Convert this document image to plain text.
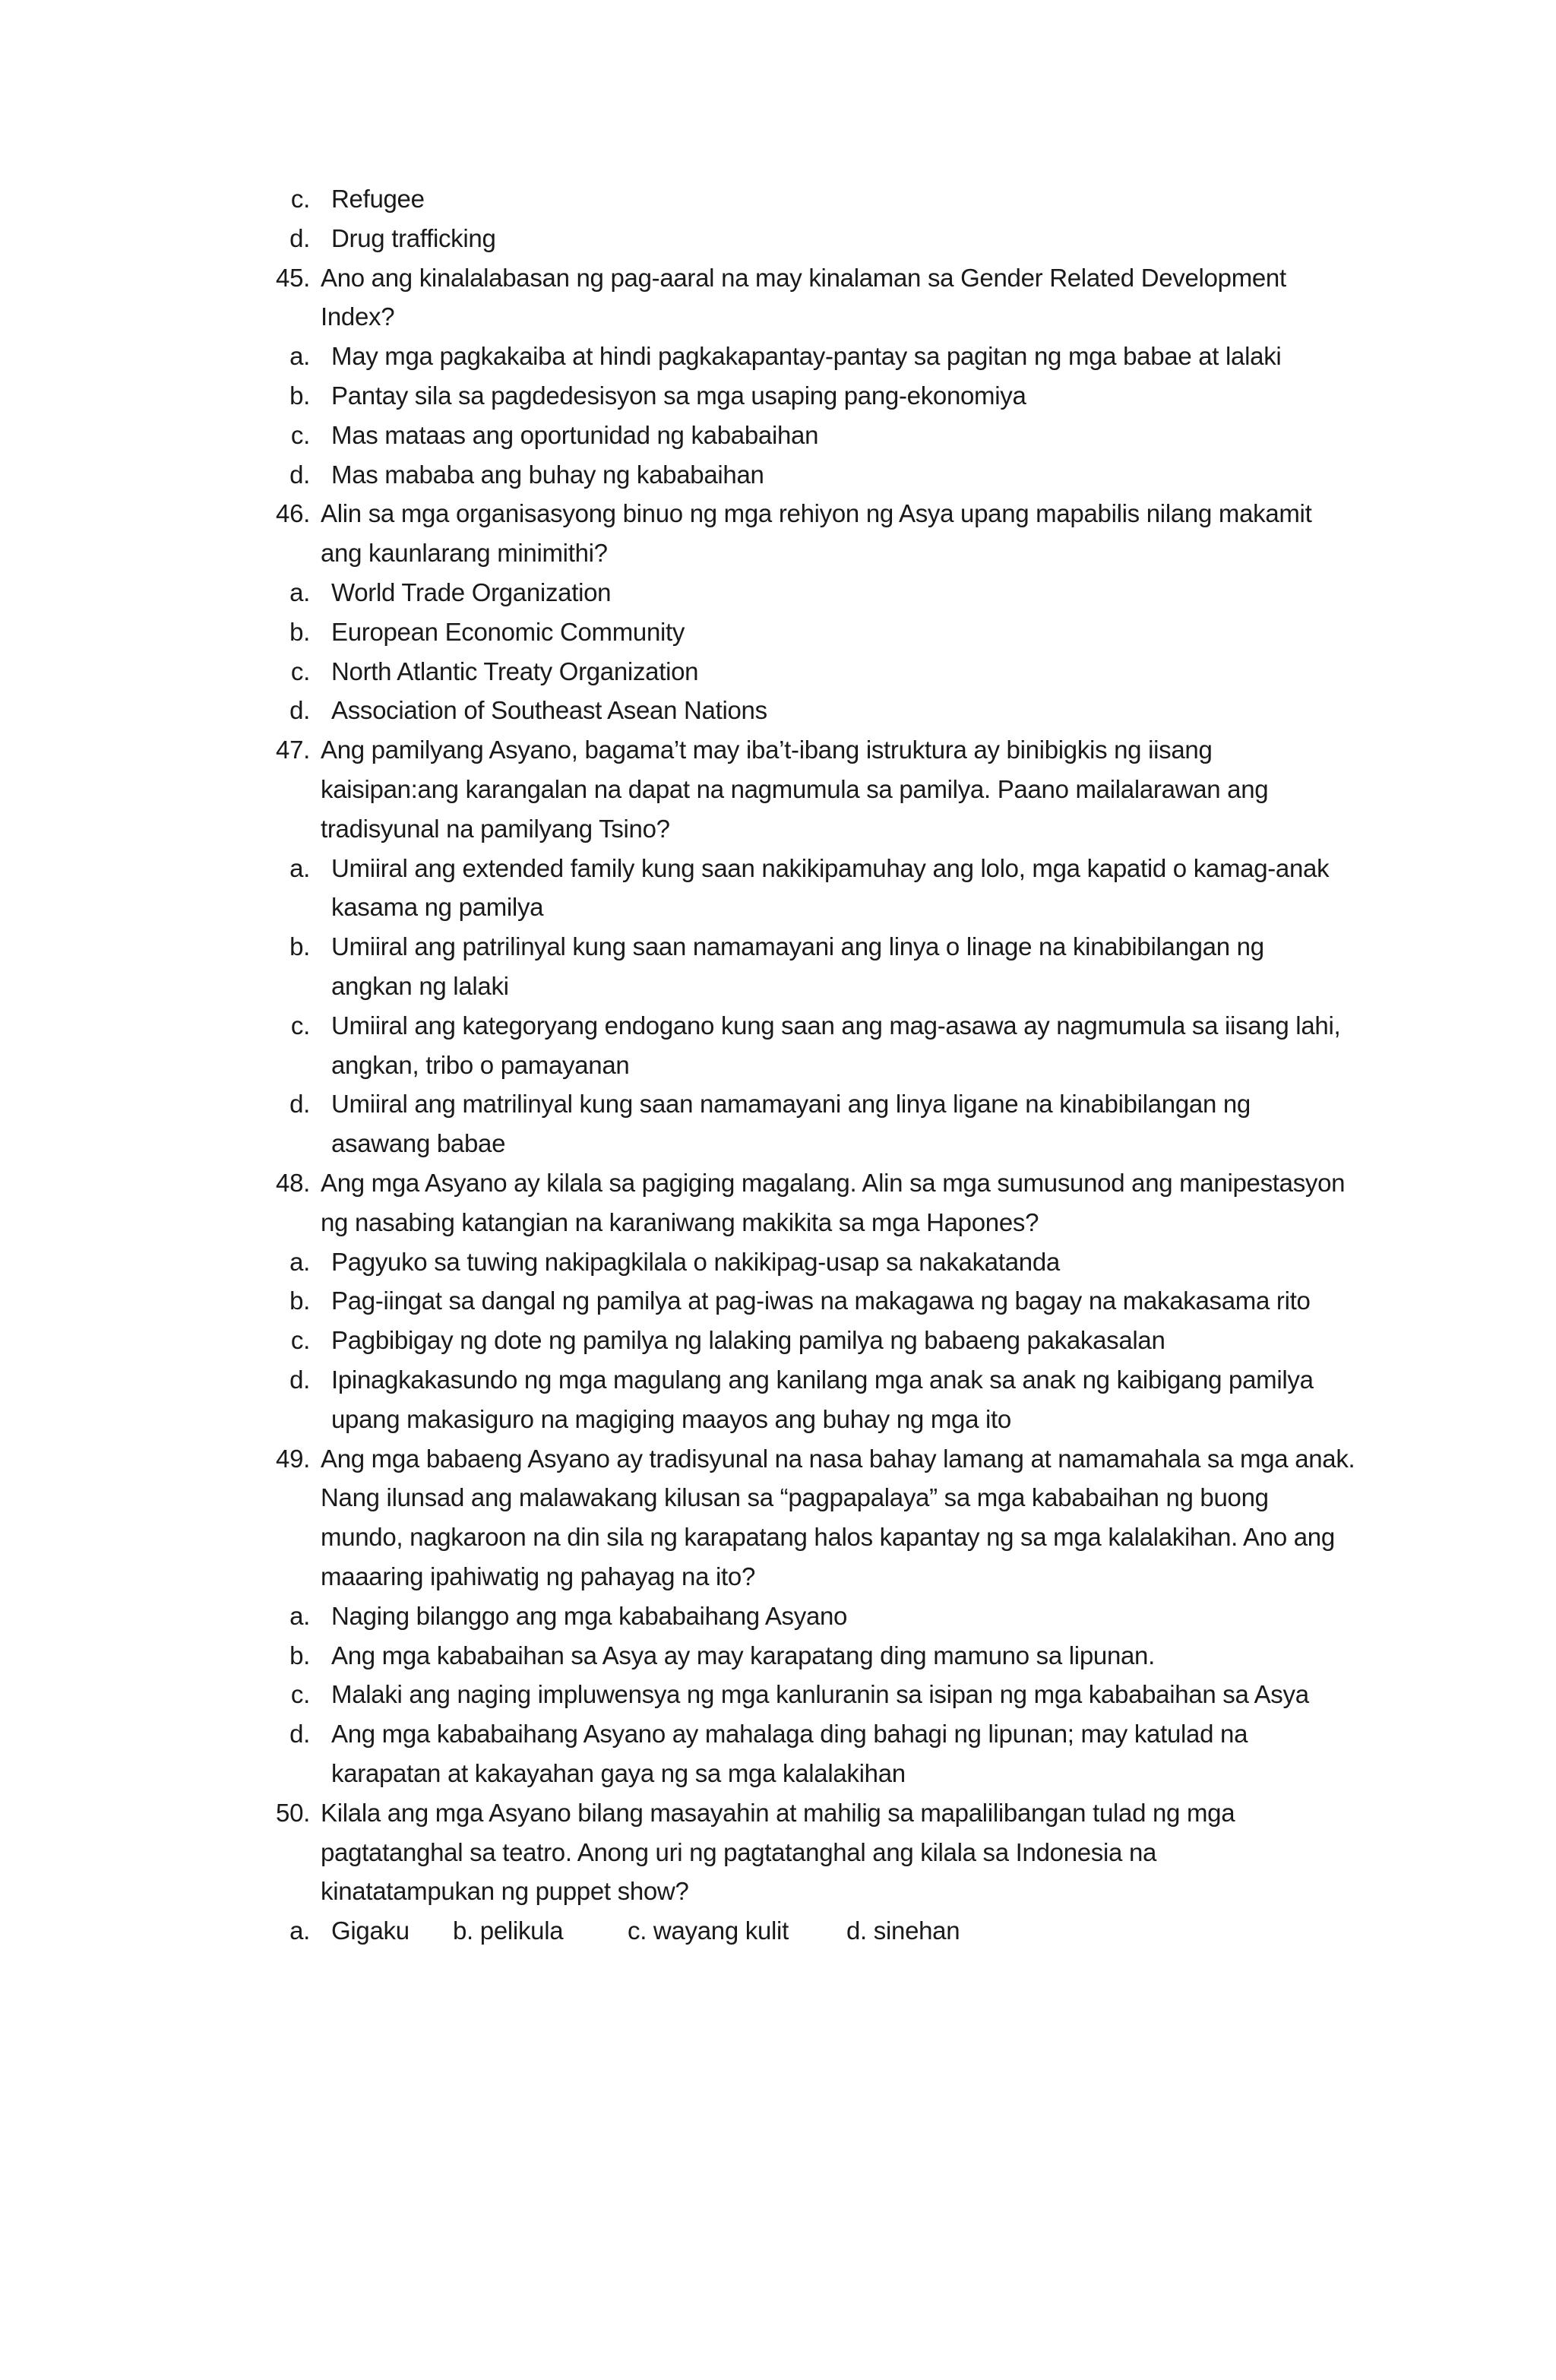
c. Refugee
d. Drug trafficking
45. Ano ang kinalalabasan ng pag-aaral na may kinalaman sa Gender Related Development
Index?
a. May mga pagkakaiba at hindi pagkakapantay-pantay sa pagitan ng mga babae at lalaki
b. Pantay sila sa pagdedesisyon sa mga usaping pang-ekonomiya
c. Mas mataas ang oportunidad ng kababaihan
d. Mas mababa ang buhay ng kababaihan
46. Alin sa mga organisasyong binuo ng mga rehiyon ng Asya upang mapabilis nilang makamit
ang kaunlarang minimithi?
a. World Trade Organization
b. European Economic Community
c. North Atlantic Treaty Organization
d. Association of Southeast Asean Nations
47. Ang pamilyang Asyano, bagama’t may iba’t-ibang istruktura ay binibigkis ng iisang
kaisipan:ang karangalan na dapat na nagmumula sa pamilya. Paano mailalarawan ang
tradisyunal na pamilyang Tsino?
a. Umiiral ang extended family kung saan nakikipamuhay ang lolo, mga kapatid o kamag-anak
kasama ng pamilya
b. Umiiral ang patrilinyal kung saan namamayani ang linya o linage na kinabibilangan ng
angkan ng lalaki
c. Umiiral ang kategoryang endogano kung saan ang mag-asawa ay nagmumula sa iisang lahi,
angkan, tribo o pamayanan
d. Umiiral ang matrilinyal kung saan namamayani ang linya ligane na kinabibilangan ng
asawang babae
48. Ang mga Asyano ay kilala sa pagiging magalang. Alin sa mga sumusunod ang manipestasyon
ng nasabing katangian na karaniwang makikita sa mga Hapones?
a. Pagyuko sa tuwing nakipagkilala o nakikipag-usap sa nakakatanda
b. Pag-iingat sa dangal ng pamilya at pag-iwas na makagawa ng bagay na makakasama rito
c. Pagbibigay ng dote ng pamilya ng lalaking pamilya ng babaeng pakakasalan
d. Ipinagkakasundo ng mga magulang ang kanilang mga anak sa anak ng kaibigang pamilya
upang makasiguro na magiging maayos ang buhay ng mga ito
49. Ang mga babaeng Asyano ay tradisyunal na nasa bahay lamang at namamahala sa mga anak.
Nang ilunsad ang malawakang kilusan sa “pagpapalaya” sa mga kababaihan ng buong
mundo, nagkaroon na din sila ng karapatang halos kapantay ng sa mga kalalakihan. Ano ang
maaaring ipahiwatig ng pahayag na ito?
a. Naging bilanggo ang mga kababaihang Asyano
b. Ang mga kababaihan sa Asya ay may karapatang ding mamuno sa lipunan.
c. Malaki ang naging impluwensya ng mga kanluranin sa isipan ng mga kababaihan sa Asya
d. Ang mga kababaihang Asyano ay mahalaga ding bahagi ng lipunan; may katulad na
karapatan at kakayahan gaya ng sa mga kalalakihan
50. Kilala ang mga Asyano bilang masayahin at mahilig sa mapalilibangan tulad ng mga
pagtatanghal sa teatro. Anong uri ng pagtatanghal ang kilala sa Indonesia na
kinatatampukan ng puppet show?
a. Gigaku b. pelikula	c. wayang kulit d. sinehan
